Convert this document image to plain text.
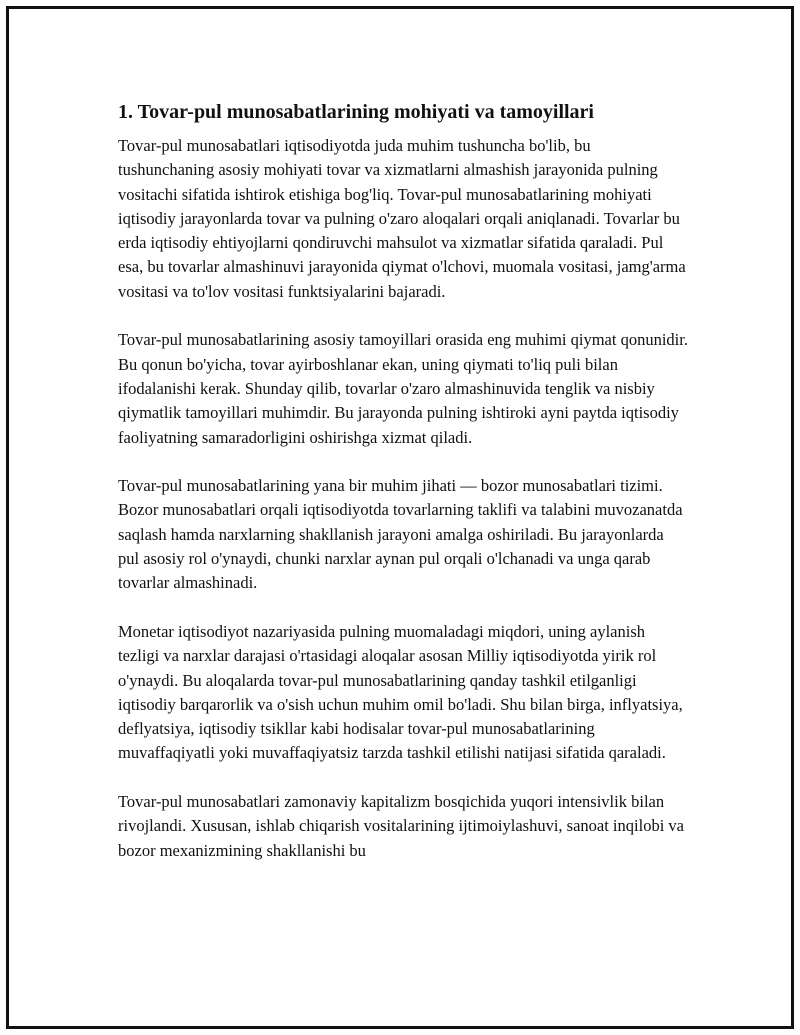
1. Tovar-pul munosabatlarining mohiyati va tamoyillari

Tovar-pul munosabatlari iqtisodiyotda juda muhim tushuncha bo'lib, bu tushunchaning asosiy mohiyati tovar va xizmatlarni almashish jarayonida pulning vositachi sifatida ishtirok etishiga bog'liq. Tovar-pul munosabatlarining mohiyati iqtisodiy jarayonlarda tovar va pulning o'zaro aloqalari orqali aniqlanadi. Tovarlar bu erda iqtisodiy ehtiyojlarni qondiruvchi mahsulot va xizmatlar sifatida qaraladi. Pul esa, bu tovarlar almashinuvi jarayonida qiymat o'lchovi, muomala vositasi, jamg'arma vositasi va to'lov vositasi funktsiyalarini bajaradi.

Tovar-pul munosabatlarining asosiy tamoyillari orasida eng muhimi qiymat qonunidir. Bu qonun bo'yicha, tovar ayirboshlanar ekan, uning qiymati to'liq puli bilan ifodalanishi kerak. Shunday qilib, tovarlar o'zaro almashinuvida tenglik va nisbiy qiymatlik tamoyillari muhimdir. Bu jarayonda pulning ishtiroki ayni paytda iqtisodiy faoliyatning samaradorligini oshirishga xizmat qiladi.

Tovar-pul munosabatlarining yana bir muhim jihati — bozor munosabatlari tizimi. Bozor munosabatlari orqali iqtisodiyotda tovarlarning taklifi va talabini muvozanatda saqlash hamda narxlarning shakllanish jarayoni amalga oshiriladi. Bu jarayonlarda pul asosiy rol o'ynaydi, chunki narxlar aynan pul orqali o'lchanadi va unga qarab tovarlar almashinadi.

Monetar iqtisodiyot nazariyasida pulning muomaladagi miqdori, uning aylanish tezligi va narxlar darajasi o'rtasidagi aloqalar asosan Milliy iqtisodiyotda yirik rol o'ynaydi. Bu aloqalarda tovar-pul munosabatlarining qanday tashkil etilganligi iqtisodiy barqarorlik va o'sish uchun muhim omil bo'ladi. Shu bilan birga, inflyatsiya, deflyatsiya, iqtisodiy tsikllar kabi hodisalar tovar-pul munosabatlarining muvaffaqiyatli yoki muvaffaqiyatsiz tarzda tashkil etilishi natijasi sifatida qaraladi.

Tovar-pul munosabatlari zamonaviy kapitalizm bosqichida yuqori intensivlik bilan rivojlandi. Xususan, ishlab chiqarish vositalarining ijtimoiylashuvi, sanoat inqilobi va bozor mexanizmining shakllanishi bu
